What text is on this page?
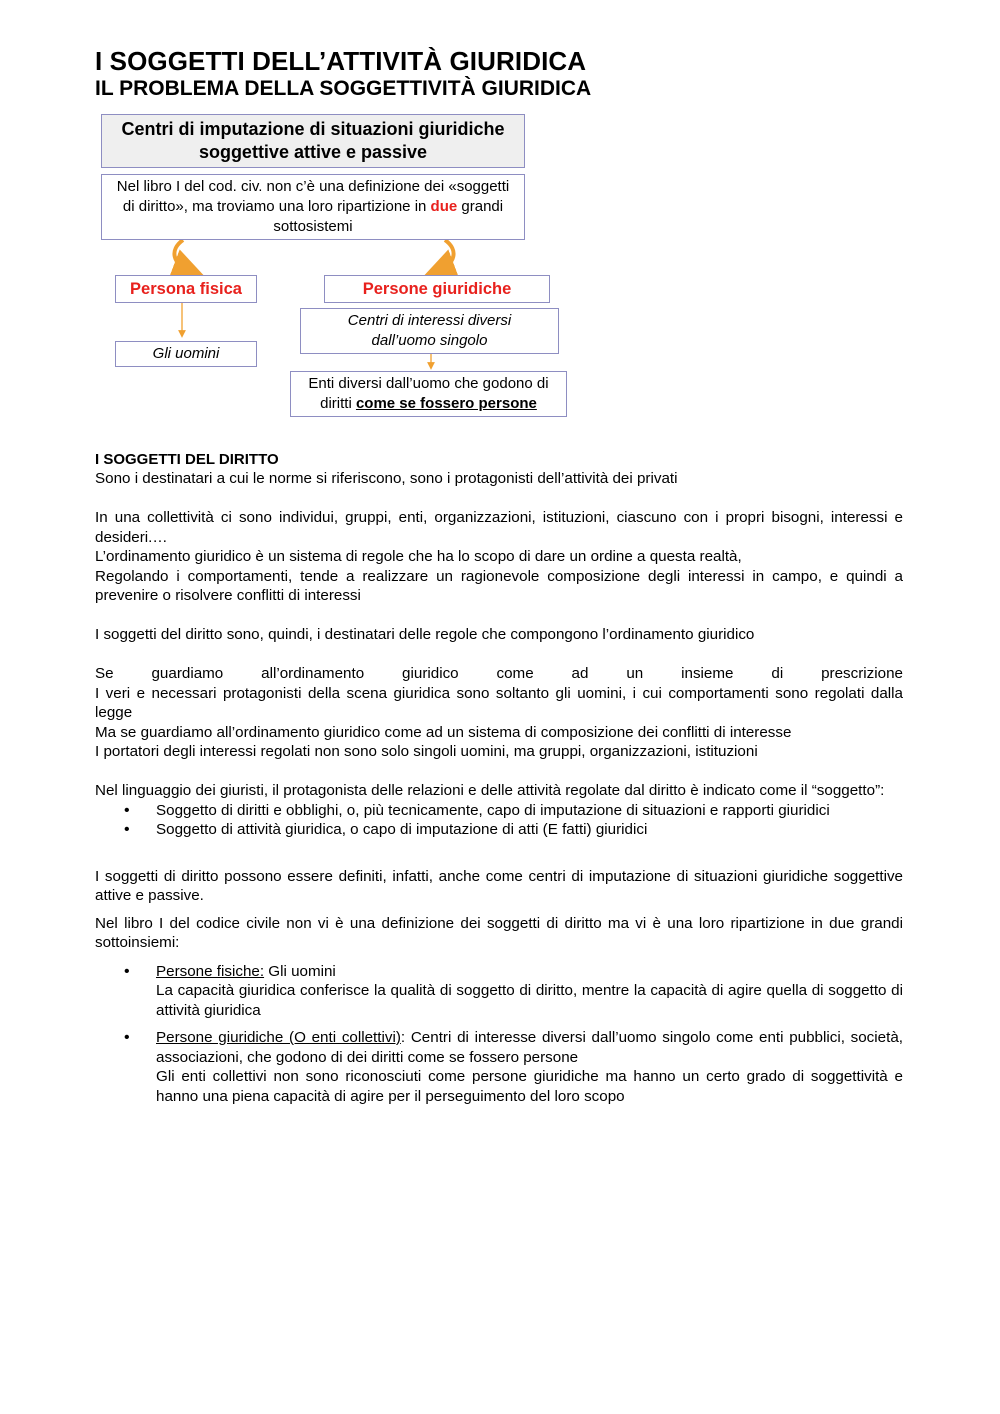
I SOGGETTI DELL’ATTIVITÀ GIURIDICA
IL PROBLEMA DELLA SOGGETTIVITÀ GIURIDICA
Centri di imputazione di situazioni giuridiche soggettive attive e passive
Nel libro I del cod. civ. non c’è una definizione dei «soggetti di diritto», ma troviamo una loro ripartizione in due grandi sottosistemi
Persona fisica
Gli uomini
Persone giuridiche
Centri di interessi diversi dall’uomo singolo
Enti diversi dall’uomo che godono di diritti come se fossero persone
I SOGGETTI DEL DIRITTO

Sono i destinatari a cui le norme si riferiscono, sono i protagonisti dell’attività dei privati

In una collettività ci sono individui, gruppi, enti, organizzazioni, istituzioni, ciascuno con i propri bisogni, interessi e desideri.…

L’ordinamento giuridico è un sistema di regole che ha lo scopo di dare un ordine a questa realtà,

Regolando i comportamenti, tende a realizzare un ragionevole composizione degli interessi in campo, e quindi a prevenire o risolvere conflitti di interessi

I soggetti del diritto sono, quindi, i destinatari delle regole che compongono l’ordinamento giuridico

Se guardiamo all’ordinamento giuridico come ad un insieme di prescrizione

I veri e necessari protagonisti della scena giuridica sono soltanto gli uomini, i cui comportamenti sono regolati dalla legge

Ma se guardiamo all’ordinamento giuridico come ad un sistema di composizione dei conflitti di interesse

I portatori degli interessi regolati non sono solo singoli uomini, ma gruppi, organizzazioni, istituzioni

Nel linguaggio dei giuristi, il protagonista delle relazioni e delle attività regolate dal diritto è indicato come il “soggetto”:

• Soggetto di diritti e obblighi, o, più tecnicamente, capo di imputazione di situazioni e rapporti giuridici
• Soggetto di attività giuridica, o capo di imputazione di atti (E fatti) giuridici

I soggetti di diritto possono essere definiti, infatti, anche come centri di imputazione di situazioni giuridiche soggettive attive e passive.

Nel libro I del codice civile non vi è una definizione dei soggetti di diritto ma vi è una loro ripartizione in due grandi sottoinsiemi:

• Persone fisiche: Gli uomini
La capacità giuridica conferisce la qualità di soggetto di diritto, mentre la capacità di agire quella di soggetto di attività giuridica
• Persone giuridiche (O enti collettivi): Centri di interesse diversi dall’uomo singolo come enti pubblici, società, associazioni, che godono di dei diritti come se fossero persone
Gli enti collettivi non sono riconosciuti come persone giuridiche ma hanno un certo grado di soggettività e hanno una piena capacità di agire per il perseguimento del loro scopo
